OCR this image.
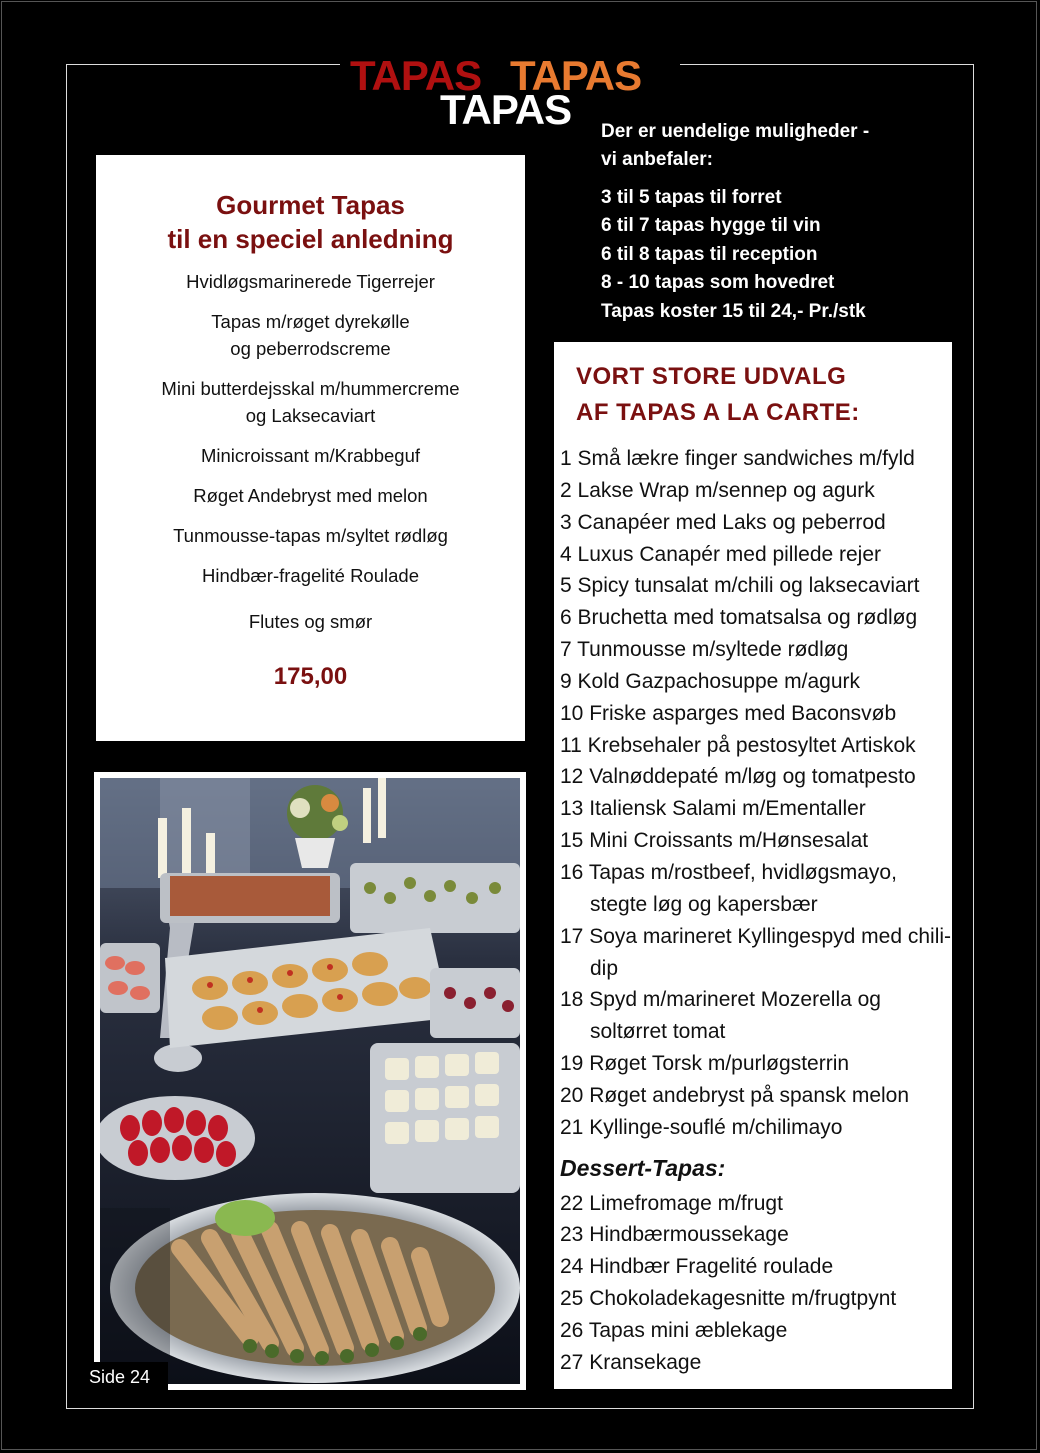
TAPAS TAPAS
TAPAS
Gourmet Tapas
til en speciel anledning
Hvidløgsmarinerede Tigerrejer
Tapas m/røget dyrekølle
og peberrodscreme
Mini butterdejsskal m/hummercreme
og Laksecaviart
Minicroissant m/Krabbeguf
Røget Andebryst med melon
Tunmousse-tapas m/syltet rødløg
Hindbær-fragelité Roulade
Flutes og smør
175,00
Der er uendelige muligheder -
vi anbefaler:
3 til 5 tapas til forret
6 til 7 tapas hygge til vin
6 til 8 tapas til reception
8 - 10 tapas som hovedret
Tapas koster 15 til 24,- Pr./stk
VORT STORE UDVALG
AF TAPAS A LA CARTE:
1 Små lækre finger sandwiches m/fyld
2 Lakse Wrap m/sennep og agurk
3 Canapéer med Laks og peberrod
4 Luxus Canapér med pillede rejer
5 Spicy tunsalat m/chili og laksecaviart
6 Bruchetta med tomatsalsa og rødløg
7 Tunmousse m/syltede rødløg
9 Kold Gazpachosuppe m/agurk
10 Friske asparges med Baconsvøb
11 Krebsehaler på pestosyltet Artiskok
12 Valnøddepaté m/løg og tomatpesto
13 Italiensk Salami m/Ementaller
15 Mini Croissants m/Hønsesalat
16 Tapas m/rostbeef, hvidløgsmayo, stegte løg og kapersbær
17 Soya marineret Kyllingespyd med chili-dip
18 Spyd m/marineret Mozerella og soltørret tomat
19 Røget Torsk m/purløgsterrin
20 Røget andebryst på spansk melon
21 Kyllinge-souflé m/chilimayo
Dessert-Tapas:
22 Limefromage m/frugt
23 Hindbærmoussekage
24 Hindbær Fragelité roulade
25 Chokoladekagesnitte m/frugtpynt
26 Tapas mini æblekage
27 Kransekage
Side 24
